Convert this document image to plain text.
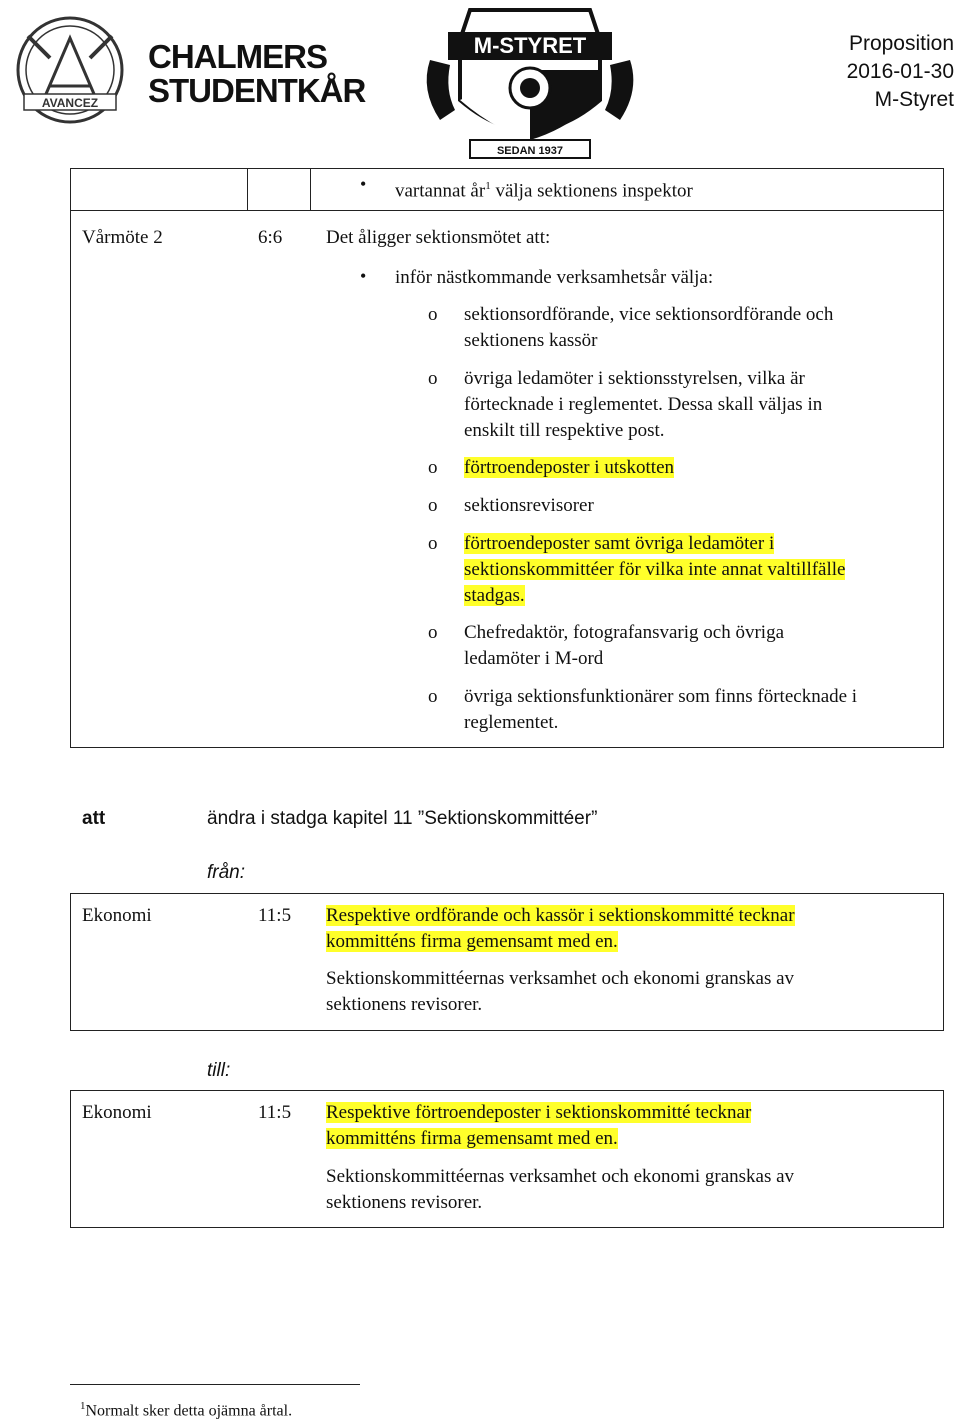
AVANCEZ
CHALMERS
STUDENTKÅR
M-STYRET
SEDAN 1937
Proposition
2016-01-30
M-Styret
• vartannat $år^1$ välja sektionens inspektor
Vårmöte 2	6:6 Det åligger sektionsmötet att:
• inför nästkommande verksamhetsår välja:
o	sektionsordförande, vice sektionsordförande och
sektionens kassör
o	övriga ledamöter i sektionsstyrelsen, vilka är
förtecknade i reglementet. Dessa skall väljas in
enskilt till respektive post.
o	förtroendeposter i utskotten
o	sektionsrevisorer
o	förtroendeposter samt övriga ledamöter i
sektionskommittéer för vilka inte annat valtillfälle
stadgas.
o	Chefredaktör, fotografansvarig och övriga
ledamöter i M-ord
o	övriga sektionsfunktionärer som finns förtecknade i
reglementet.
att	ändra i stadga kapitel 11 ”Sektionskommittéer”
från:
Ekonomi	11:5 Respektive ordförande och kassör i sektionskommitté tecknar
kommitténs firma gemensamt med en.
Sektionskommittéernas verksamhet och ekonomi granskas av
sektionens revisorer.
till:
Ekonomi	11:5 Respektive förtroendeposter i sektionskommitté tecknar
kommitténs firma gemensamt med en.
Sektionskommittéernas verksamhet och ekonomi granskas av
sektionens revisorer.
$^1$Normalt sker detta ojämna årtal.
